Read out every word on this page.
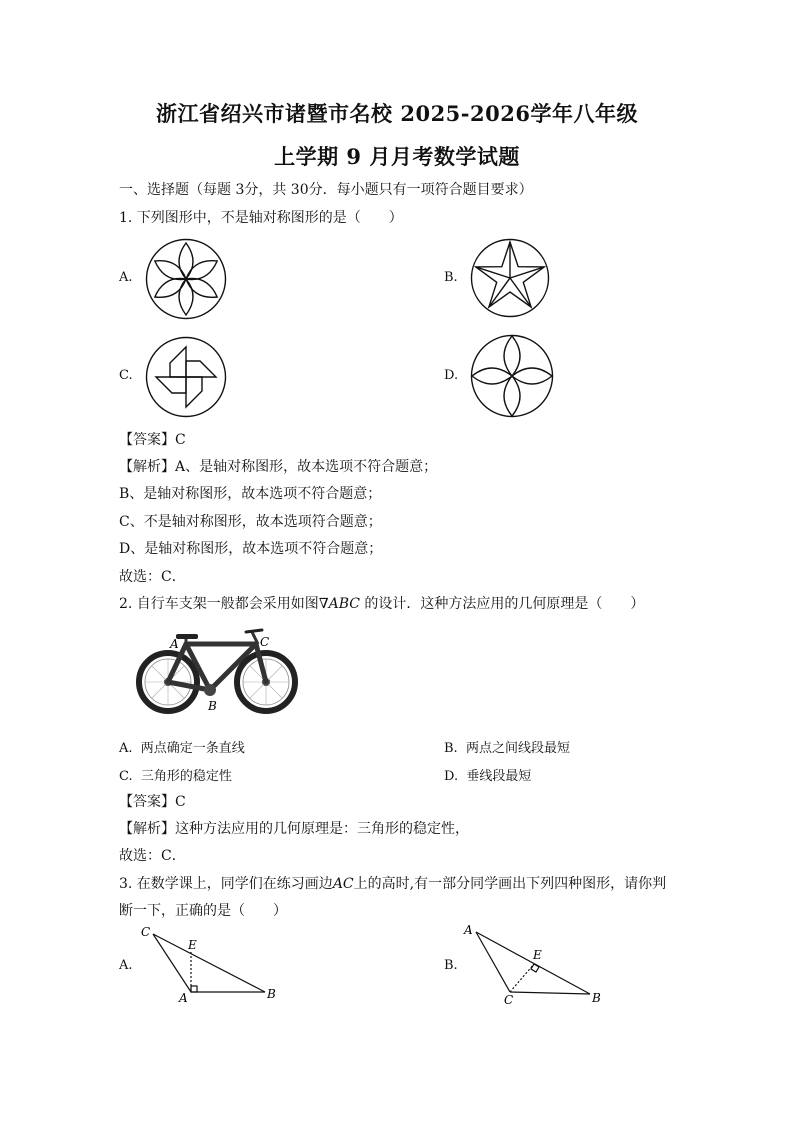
浙江省绍兴市诸暨市名校 2025-2026学年八年级
上学期 9 月月考数学试题
一、选择题（每题 3分，共 30分．每小题只有一项符合题目要求）
1. 下列图形中，不是轴对称图形的是（　　）
A.	B.
C.	D.
【答案】C
【解析】A、是轴对称图形，故本选项不符合题意；
B、是轴对称图形，故本选项不符合题意；
C、不是轴对称图形，故本选项符合题意；
D、是轴对称图形，故本选项不符合题意；
故选：C．
2. 自行车支架一般都会采用如图∇ABC 的设计．这种方法应用的几何原理是（　　）
A
B
C
A. 两点确定一条直线	B. 两点之间线段最短
C. 三角形的稳定性	D. 垂线段最短
【答案】C
【解析】这种方法应用的几何原理是：三角形的稳定性，
故选：C．
3. 在数学课上，同学们在练习画边AC上的高时,有一部分同学画出下列四种图形，请你判
断一下，正确的是（　　）
A.
C
E
A	B
B.
A
E
C	B
